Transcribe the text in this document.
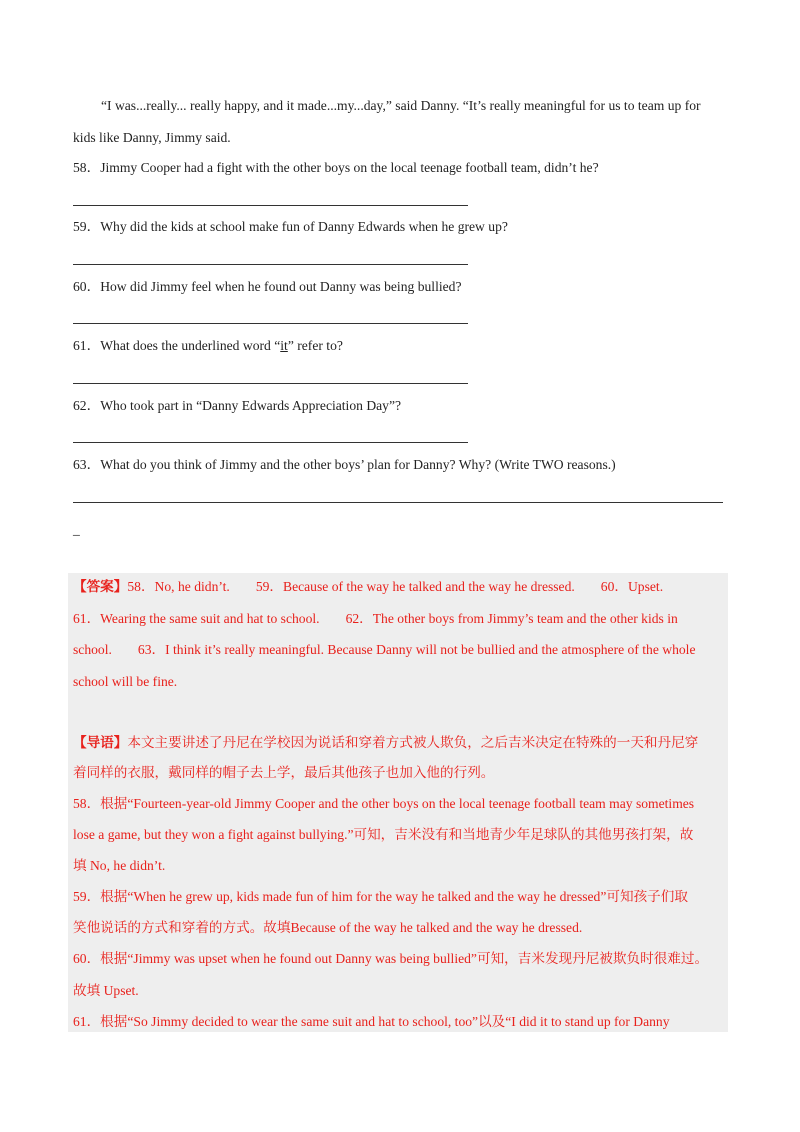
“I was...really... really happy, and it made...my...day,” said Danny. “It’s really meaningful for us to team up for
kids like Danny, Jimmy said.
58．Jimmy Cooper had a fight with the other boys on the local teenage football team, didn’t he?
59．Why did the kids at school make fun of Danny Edwards when he grew up?
60．How did Jimmy feel when he found out Danny was being bullied?
61．What does the underlined word “it” refer to?
62．Who took part in “Danny Edwards Appreciation Day”?
63．What do you think of Jimmy and the other boys’ plan for Danny? Why? (Write TWO reasons.)
_
【答案】58．No, he didn’t. 59．Because of the way he talked and the way he dressed. 60．Upset.
61．Wearing the same suit and hat to school. 62．The other boys from Jimmy’s team and the other kids in
school. 63．I think it’s really meaningful. Because Danny will not be bullied and the atmosphere of the whole
school will be fine.
【导语】本文主要讲述了丹尼在学校因为说话和穿着方式被人欺负，之后吉米决定在特殊的一天和丹尼穿
着同样的衣服，戴同样的帽子去上学，最后其他孩子也加入他的行列。
58．根据“Fourteen-year-old Jimmy Cooper and the other boys on the local teenage football team may sometimes
lose a game, but they won a fight against bullying.”可知，吉米没有和当地青少年足球队的其他男孩打架，故
填 No, he didn’t.
59．根据“When he grew up, kids made fun of him for the way he talked and the way he dressed”可知孩子们取
笑他说话的方式和穿着的方式。故填Because of the way he talked and the way he dressed.
60．根据“Jimmy was upset when he found out Danny was being bullied”可知，吉米发现丹尼被欺负时很难过。
故填 Upset.
61．根据“So Jimmy decided to wear the same suit and hat to school, too”以及“I did it to stand up for Danny
